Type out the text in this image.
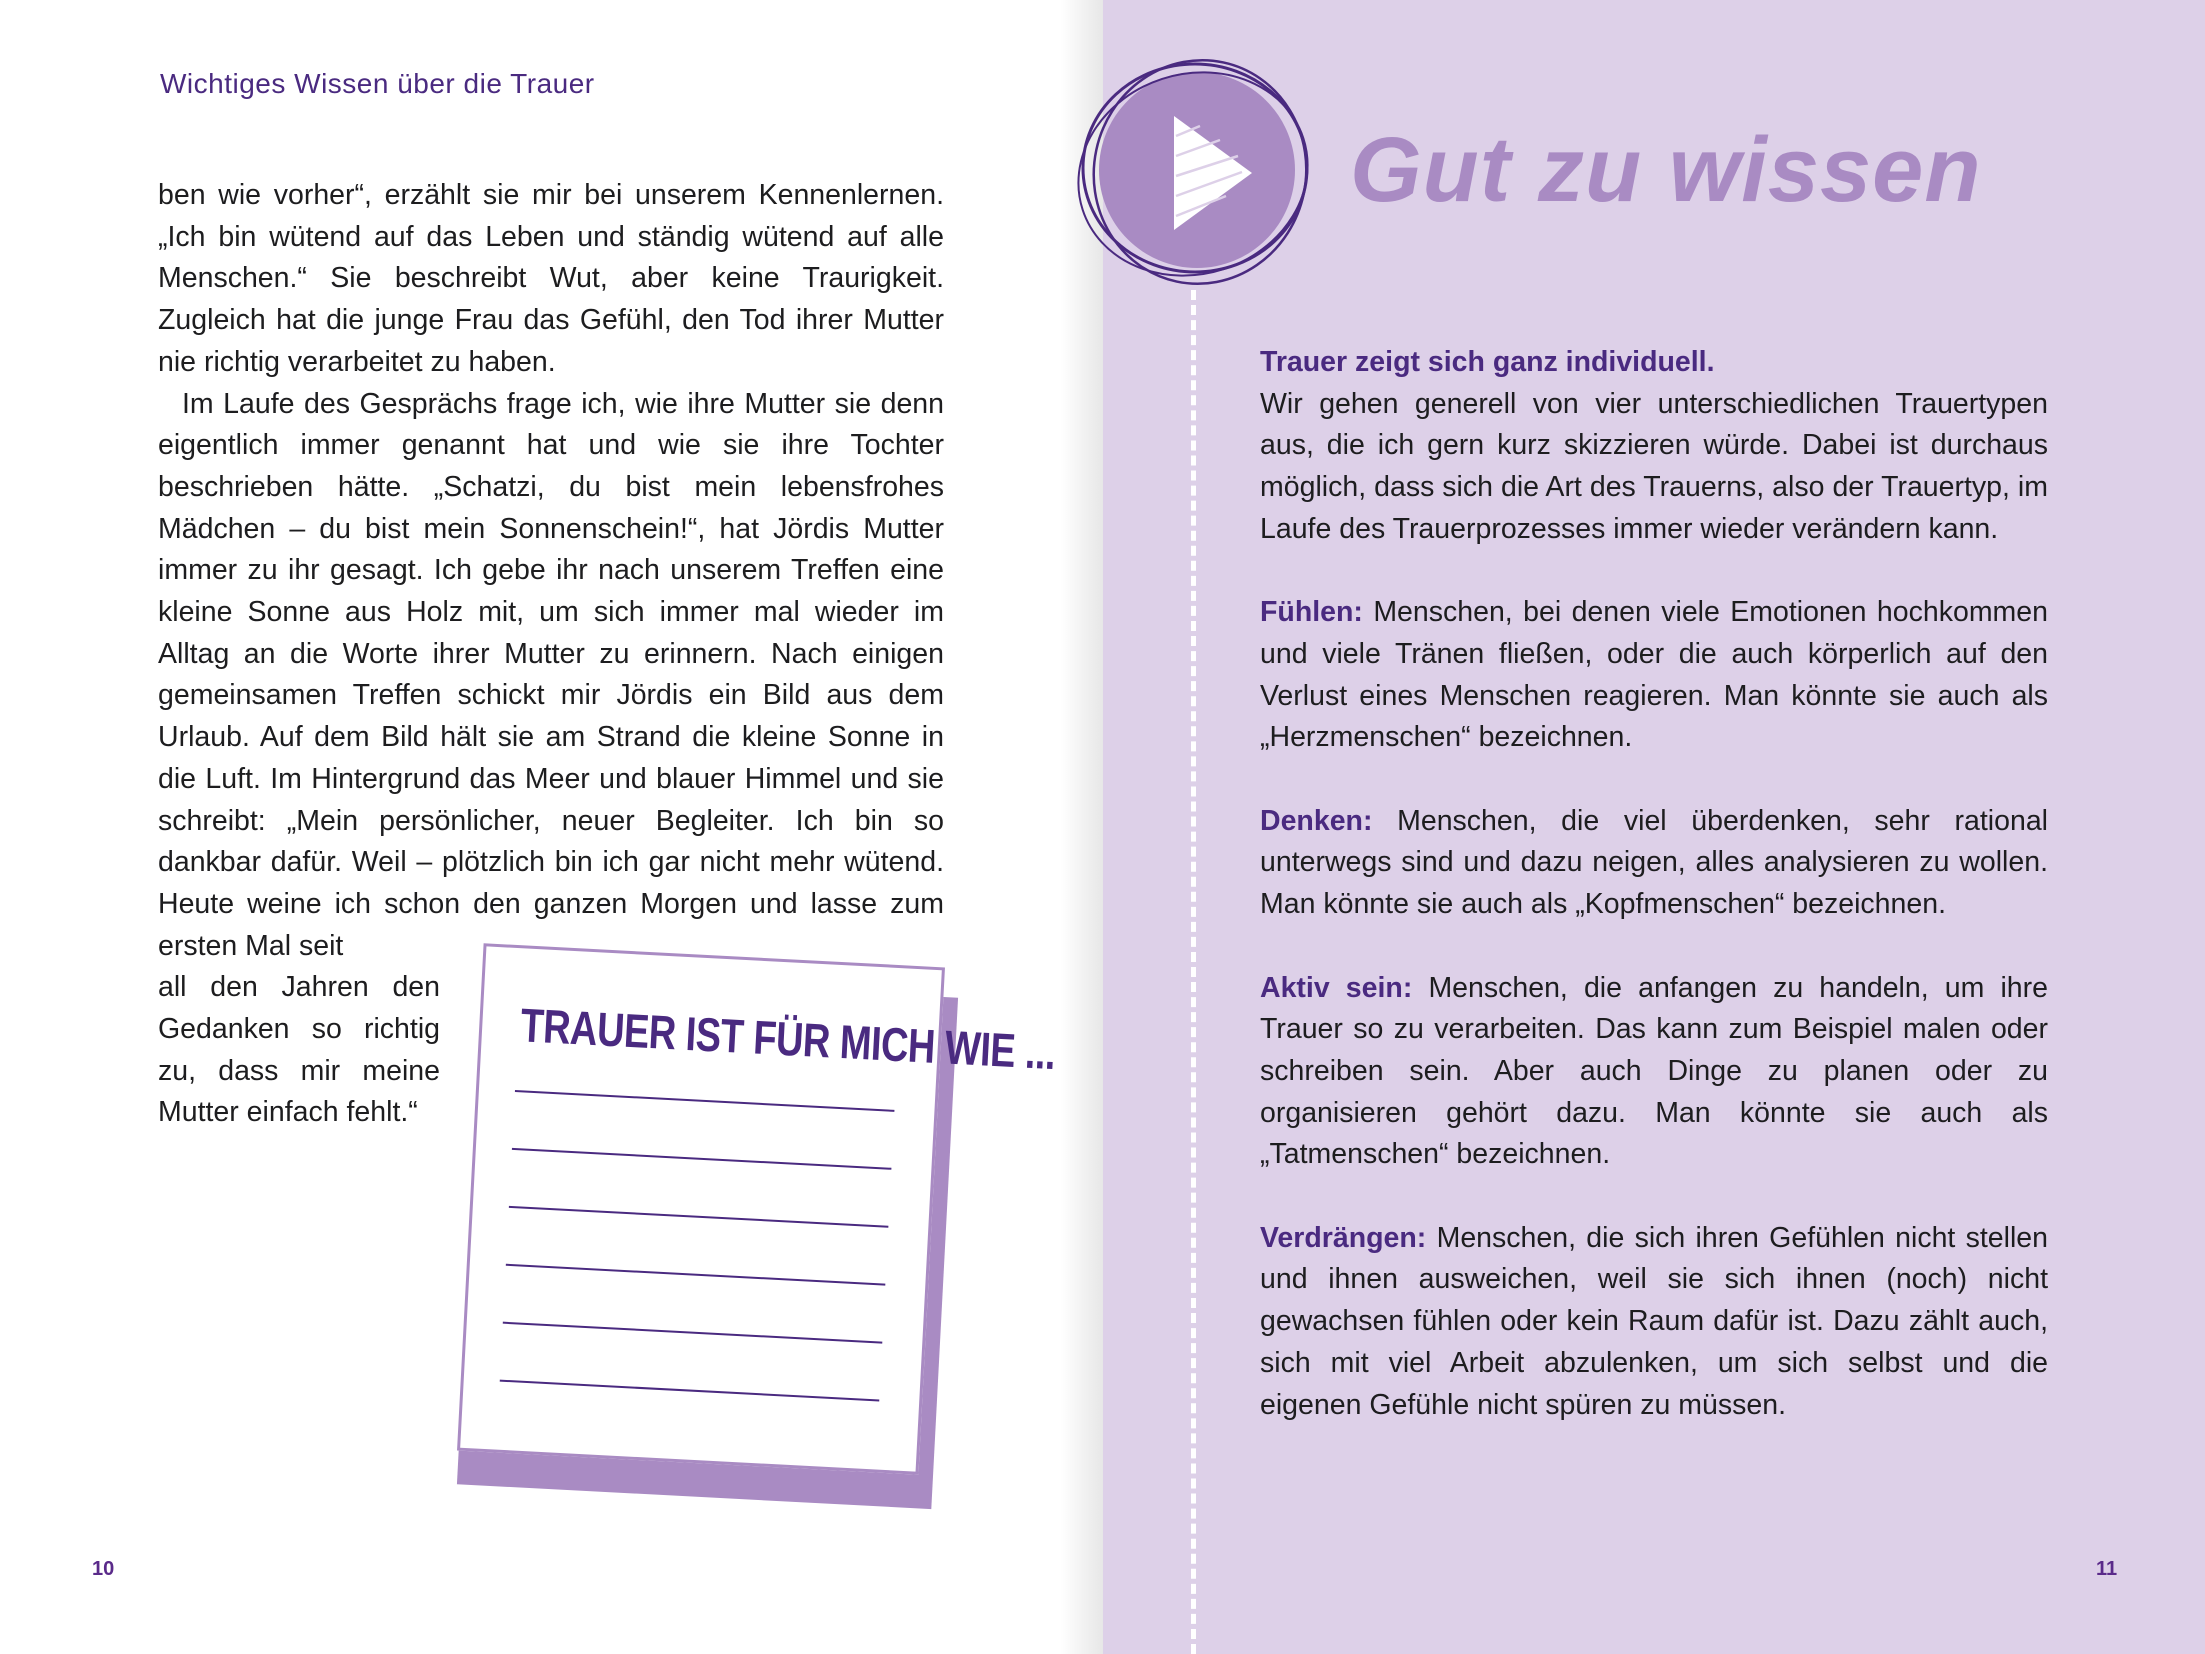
Wichtiges Wissen über die Trauer

ben wie vorher“, erzählt sie mir bei unserem Kennenlernen. „Ich bin wütend auf das Leben und ständig wütend auf alle Menschen.“ Sie beschreibt Wut, aber keine Traurigkeit. Zugleich hat die junge Frau das Gefühl, den Tod ihrer Mutter nie richtig verarbeitet zu haben.

Im Laufe des Gesprächs frage ich, wie ihre Mutter sie denn eigentlich immer genannt hat und wie sie ihre Tochter beschrieben hätte. „Schatzi, du bist mein lebensfrohes Mädchen – du bist mein Sonnenschein!“, hat Jördis Mutter immer zu ihr gesagt. Ich gebe ihr nach unserem Treffen eine kleine Sonne aus Holz mit, um sich immer mal wieder im Alltag an die Worte ihrer Mutter zu erinnern. Nach einigen gemeinsamen Treffen schickt mir Jördis ein Bild aus dem Urlaub. Auf dem Bild hält sie am Strand die kleine Sonne in die Luft. Im Hintergrund das Meer und blauer Himmel und sie schreibt: „Mein persönlicher, neuer Begleiter. Ich bin so dankbar dafür. Weil – plötzlich bin ich gar nicht mehr wütend. Heute weine ich schon den ganzen Morgen und lasse zum ersten Mal seit

all den Jahren den Gedanken so richtig zu, dass mir meine Mutter einfach fehlt.“

TRAUER IST FÜR MICH WIE ...
10
Gut zu wissen

Trauer zeigt sich ganz individuell.

Wir gehen generell von vier unterschiedlichen Trauertypen aus, die ich gern kurz skizzieren würde. Dabei ist durchaus möglich, dass sich die Art des Trauerns, also der Trauertyp, im Laufe des Trauerprozesses immer wieder verändern kann.

Fühlen: Menschen, bei denen viele Emotionen hochkommen und viele Tränen fließen, oder die auch körperlich auf den Verlust eines Menschen reagieren. Man könnte sie auch als „Herzmenschen“ bezeichnen.

Denken: Menschen, die viel überdenken, sehr rational unterwegs sind und dazu neigen, alles analysieren zu wollen. Man könnte sie auch als „Kopfmenschen“ bezeichnen.

Aktiv sein: Menschen, die anfangen zu handeln, um ihre Trauer so zu verarbeiten. Das kann zum Beispiel malen oder schreiben sein. Aber auch Dinge zu planen oder zu organisieren gehört dazu. Man könnte sie auch als „Tatmenschen“ bezeichnen.

Verdrängen: Menschen, die sich ihren Gefühlen nicht stellen und ihnen ausweichen, weil sie sich ihnen (noch) nicht gewachsen fühlen oder kein Raum dafür ist. Dazu zählt auch, sich mit viel Arbeit abzulenken, um sich selbst und die eigenen Gefühle nicht spüren zu müssen.

11
